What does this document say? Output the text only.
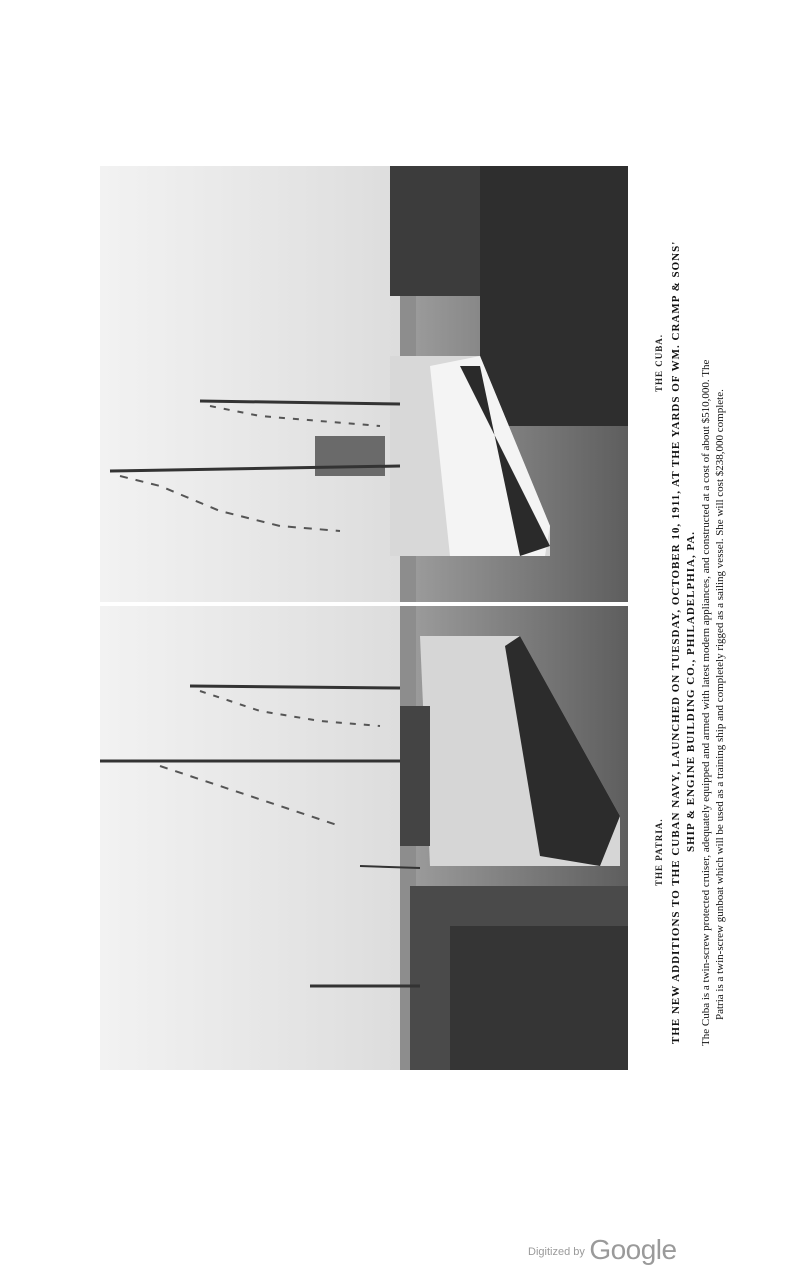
THE CUBA.
THE PATRIA. THE NEW ADDITIONS TO THE CUBAN NAVY, LAUNCHED ON TUESDAY, OCTOBER 10, 1911, AT THE YARDS OF WM. CRAMP & SONS' SHIP & ENGINE BUILDING CO., PHILADELPHIA, PA. The Cuba is a twin-screw protected cruiser, adequately equipped and armed with latest modern appliances, and constructed at a cost of about $510,000. The Patria is a twin-screw gunboat which will be used as a training ship and completely rigged as a sailing vessel. She will cost $238,000 complete.
$^{Digitized by}$ Google
